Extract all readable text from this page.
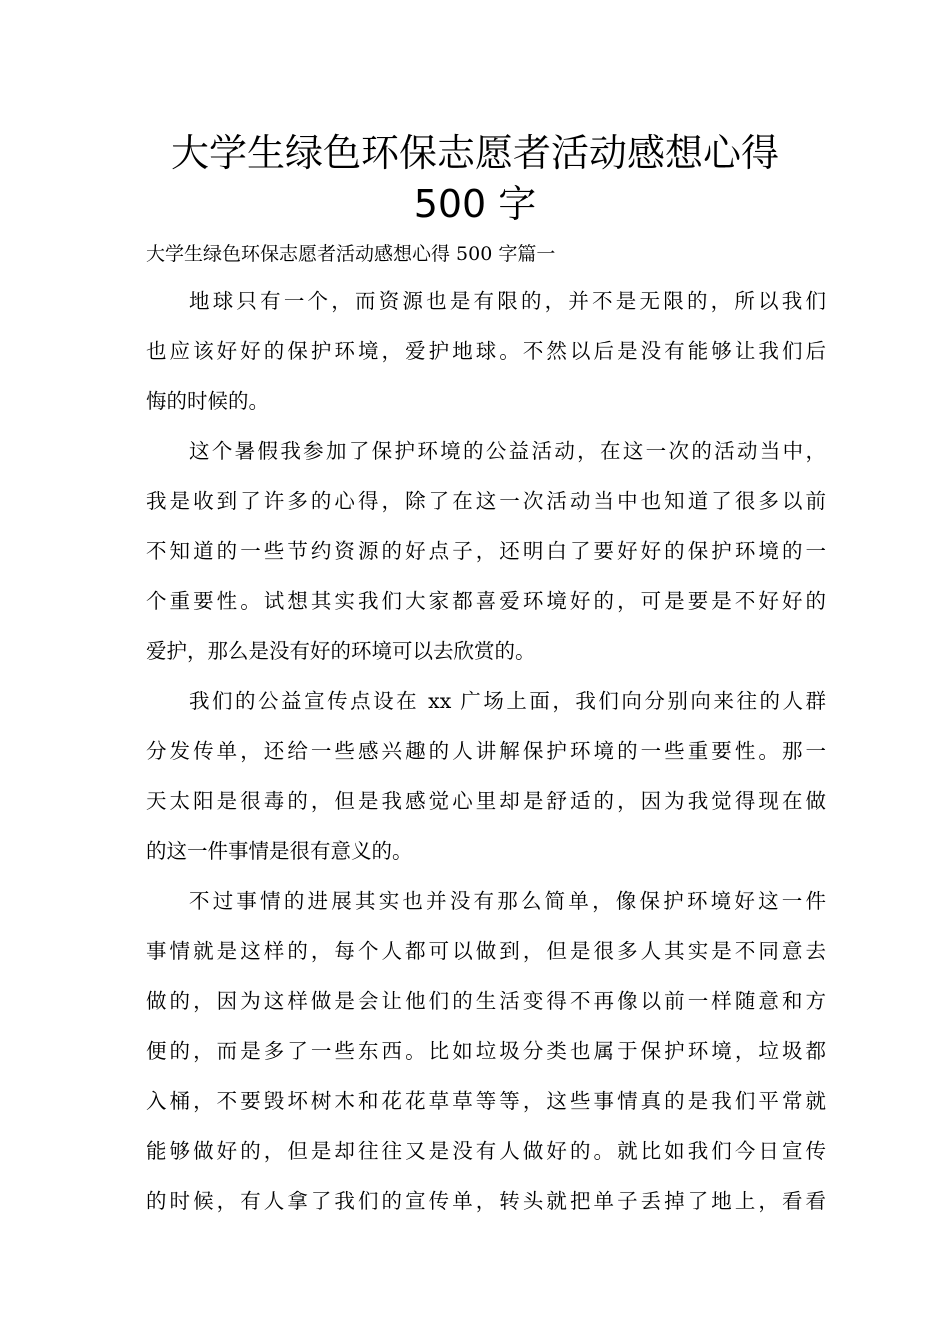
大学生绿色环保志愿者活动感想心得
500 字
大学生绿色环保志愿者活动感想心得 500 字篇一
地球只有一个，而资源也是有限的，并不是无限的，所以我们
也应该好好的保护环境，爱护地球。不然以后是没有能够让我们后
悔的时候的。
这个暑假我参加了保护环境的公益活动，在这一次的活动当中，
我是收到了许多的心得，除了在这一次活动当中也知道了很多以前
不知道的一些节约资源的好点子，还明白了要好好的保护环境的一
个重要性。试想其实我们大家都喜爱环境好的，可是要是不好好的
爱护，那么是没有好的环境可以去欣赏的。
我们的公益宣传点设在 xx 广场上面，我们向分别向来往的人群
分发传单，还给一些感兴趣的人讲解保护环境的一些重要性。那一
天太阳是很毒的，但是我感觉心里却是舒适的，因为我觉得现在做
的这一件事情是很有意义的。
不过事情的进展其实也并没有那么简单，像保护环境好这一件
事情就是这样的，每个人都可以做到，但是很多人其实是不同意去
做的，因为这样做是会让他们的生活变得不再像以前一样随意和方
便的，而是多了一些东西。比如垃圾分类也属于保护环境，垃圾都
入桶，不要毁坏树木和花花草草等等，这些事情真的是我们平常就
能够做好的，但是却往往又是没有人做好的。就比如我们今日宣传
的时候，有人拿了我们的宣传单，转头就把单子丢掉了地上，看看
